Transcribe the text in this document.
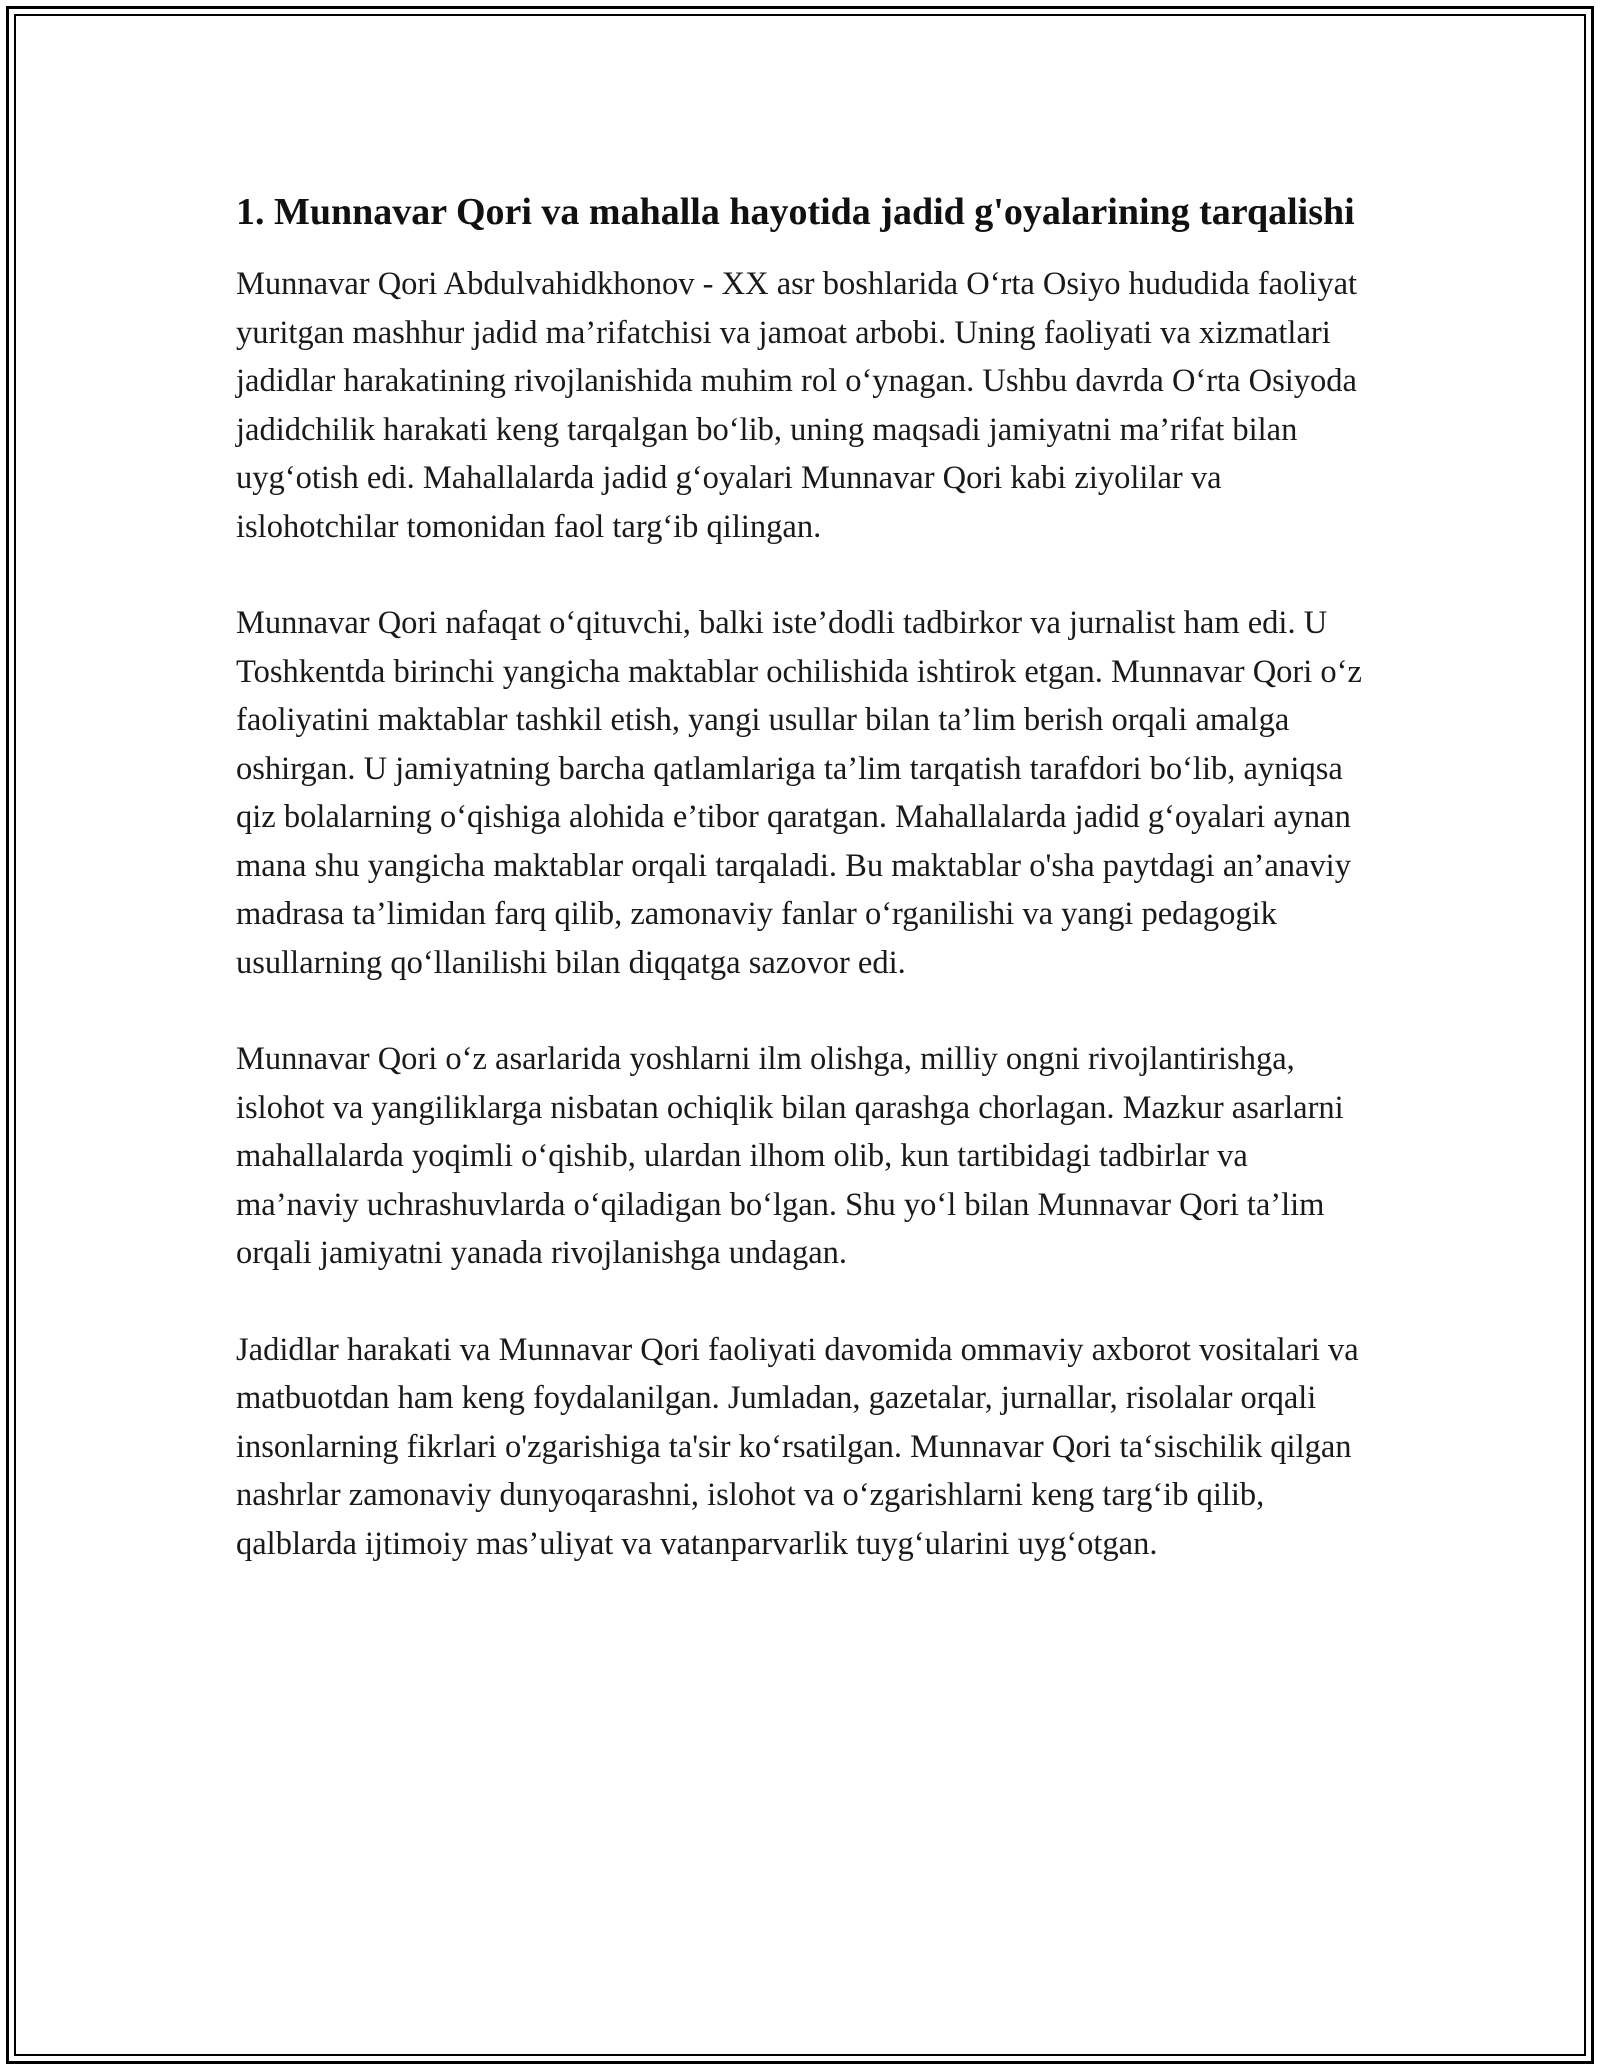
1. Munnavar Qori va mahalla hayotida jadid g'oyalarining tarqalishi

Munnavar Qori Abdulvahidkhonov - XX asr boshlarida O‘rta Osiyo hududida faoliyat yuritgan mashhur jadid ma’rifatchisi va jamoat arbobi. Uning faoliyati va xizmatlari jadidlar harakatining rivojlanishida muhim rol o‘ynagan. Ushbu davrda O‘rta Osiyoda jadidchilik harakati keng tarqalgan bo‘lib, uning maqsadi jamiyatni ma’rifat bilan uyg‘otish edi. Mahallalarda jadid g‘oyalari Munnavar Qori kabi ziyolilar va islohotchilar tomonidan faol targ‘ib qilingan.

Munnavar Qori nafaqat o‘qituvchi, balki iste’dodli tadbirkor va jurnalist ham edi. U Toshkentda birinchi yangicha maktablar ochilishida ishtirok etgan. Munnavar Qori o‘z faoliyatini maktablar tashkil etish, yangi usullar bilan ta’lim berish orqali amalga oshirgan. U jamiyatning barcha qatlamlariga ta’lim tarqatish tarafdori bo‘lib, ayniqsa qiz bolalarning o‘qishiga alohida e’tibor qaratgan. Mahallalarda jadid g‘oyalari aynan mana shu yangicha maktablar orqali tarqaladi. Bu maktablar o'sha paytdagi an’anaviy madrasa ta’limidan farq qilib, zamonaviy fanlar o‘rganilishi va yangi pedagogik usullarning qo‘llanilishi bilan diqqatga sazovor edi.

Munnavar Qori o‘z asarlarida yoshlarni ilm olishga, milliy ongni rivojlantirishga, islohot va yangiliklarga nisbatan ochiqlik bilan qarashga chorlagan. Mazkur asarlarni mahallalarda yoqimli o‘qishib, ulardan ilhom olib, kun tartibidagi tadbirlar va ma’naviy uchrashuvlarda o‘qiladigan bo‘lgan. Shu yo‘l bilan Munnavar Qori ta’lim orqali jamiyatni yanada rivojlanishga undagan.

Jadidlar harakati va Munnavar Qori faoliyati davomida ommaviy axborot vositalari va matbuotdan ham keng foydalanilgan. Jumladan, gazetalar, jurnallar, risolalar orqali insonlarning fikrlari o'zgarishiga ta'sir ko‘rsatilgan. Munnavar Qori ta‘sischilik qilgan nashrlar zamonaviy dunyoqarashni, islohot va o‘zgarishlarni keng targ‘ib qilib, qalblarda ijtimoiy mas’uliyat va vatanparvarlik tuyg‘ularini uyg‘otgan.
